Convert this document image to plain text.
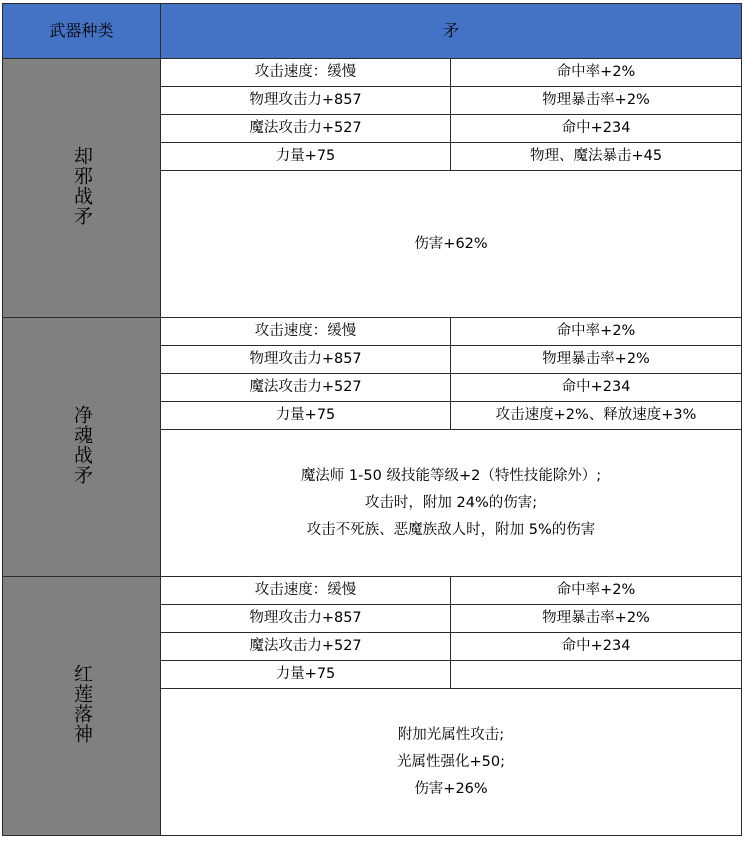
武器种类	矛	
却邪战矛	攻击速度：缓慢	命中率+2%
	物理攻击力+857	物理暴击率+2%
	魔法攻击力+527	命中+234
	力量+75	物理、魔法暴击+45
	伤害+62%	
净魂战矛	攻击速度：缓慢	命中率+2%
	物理攻击力+857	物理暴击率+2%
	魔法攻击力+527	命中+234
	力量+75	攻击速度+2%、释放速度+3%
	魔法师 1-50 级技能等级+2（特性技能除外）;
攻击时，附加 24%的伤害;
攻击不死族、恶魔族敌人时，附加 5%的伤害	
红莲落神	攻击速度：缓慢	命中率+2%
	物理攻击力+857	物理暴击率+2%
	魔法攻击力+527	命中+234
	力量+75	
	附加光属性攻击;
光属性强化+50;
伤害+26%	
